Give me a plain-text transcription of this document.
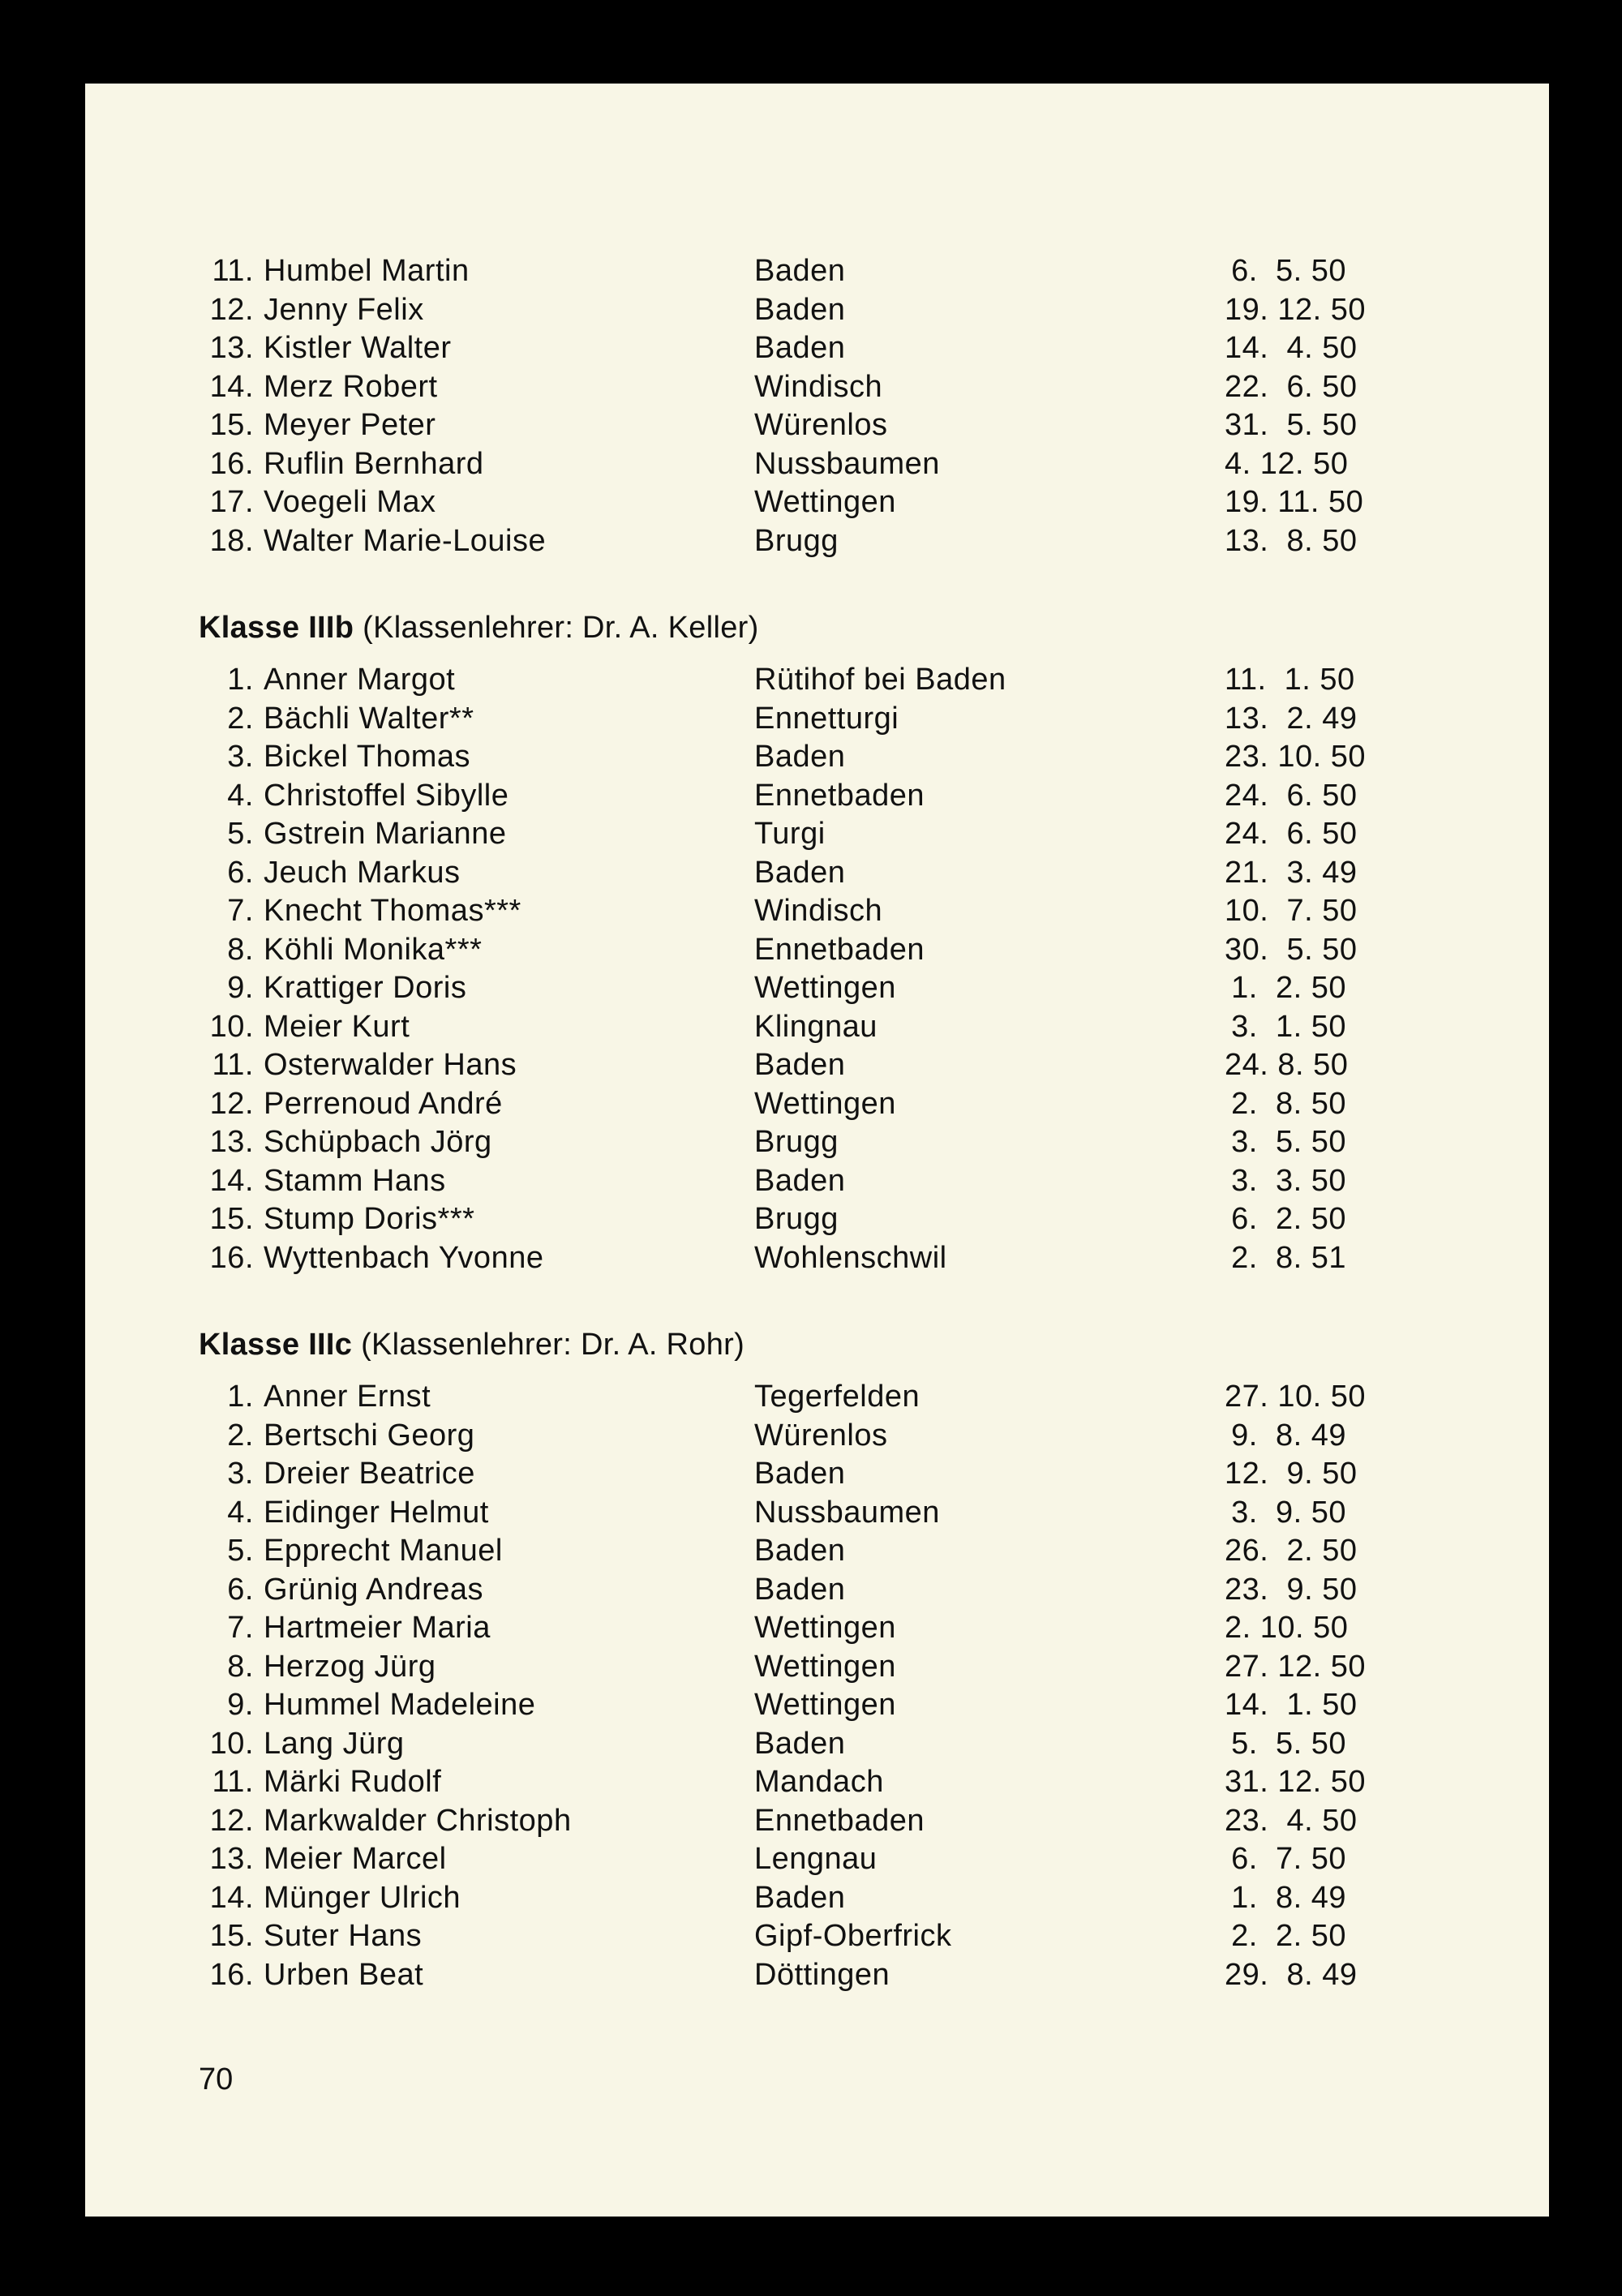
11. Humbel Martin	Baden	6.  5. 50
12. Jenny Felix	Baden	19. 12. 50
13. Kistler Walter	Baden	14.  4. 50
14. Merz Robert	Windisch	22.  6. 50
15. Meyer Peter	Würenlos	31.  5. 50
16. Ruflin Bernhard	Nussbaumen	4. 12. 50
17. Voegeli Max	Wettingen	19. 11. 50
18. Walter Marie-Louise	Brugg	13.  8. 50
Klasse IIIb (Klassenlehrer: Dr. A. Keller)
1. Anner Margot	Rütihof bei Baden	11.  1. 50
2. Bächli Walter**	Ennetturgi	13.  2. 49
3. Bickel Thomas	Baden	23. 10. 50
4. Christoffel Sibylle	Ennetbaden	24.  6. 50
5. Gstrein Marianne	Turgi	24.  6. 50
6. Jeuch Markus	Baden	21.  3. 49
7. Knecht Thomas***	Windisch	10.  7. 50
8. Köhli Monika***	Ennetbaden	30.  5. 50
9. Krattiger Doris	Wettingen	1.  2. 50
10. Meier Kurt	Klingnau	3.  1. 50
11. Osterwalder Hans	Baden	24. 8. 50
12. Perrenoud André	Wettingen	2.  8. 50
13. Schüpbach Jörg	Brugg	3.  5. 50
14. Stamm Hans	Baden	3.  3. 50
15. Stump Doris***	Brugg	6.  2. 50
16. Wyttenbach Yvonne	Wohlenschwil	2.  8. 51
Klasse IIIc (Klassenlehrer: Dr. A. Rohr)
1. Anner Ernst	Tegerfelden	27. 10. 50
2. Bertschi Georg	Würenlos	9.  8. 49
3. Dreier Beatrice	Baden	12.  9. 50
4. Eidinger Helmut	Nussbaumen	3.  9. 50
5. Epprecht Manuel	Baden	26.  2. 50
6. Grünig Andreas	Baden	23.  9. 50
7. Hartmeier Maria	Wettingen	2. 10. 50
8. Herzog Jürg	Wettingen	27. 12. 50
9. Hummel Madeleine	Wettingen	14.  1. 50
10. Lang Jürg	Baden	5.  5. 50
11. Märki Rudolf	Mandach	31. 12. 50
12. Markwalder Christoph	Ennetbaden	23.  4. 50
13. Meier Marcel	Lengnau	6.  7. 50
14. Münger Ulrich	Baden	1.  8. 49
15. Suter Hans	Gipf-Oberfrick	2.  2. 50
16. Urben Beat	Döttingen	29.  8. 49
70
